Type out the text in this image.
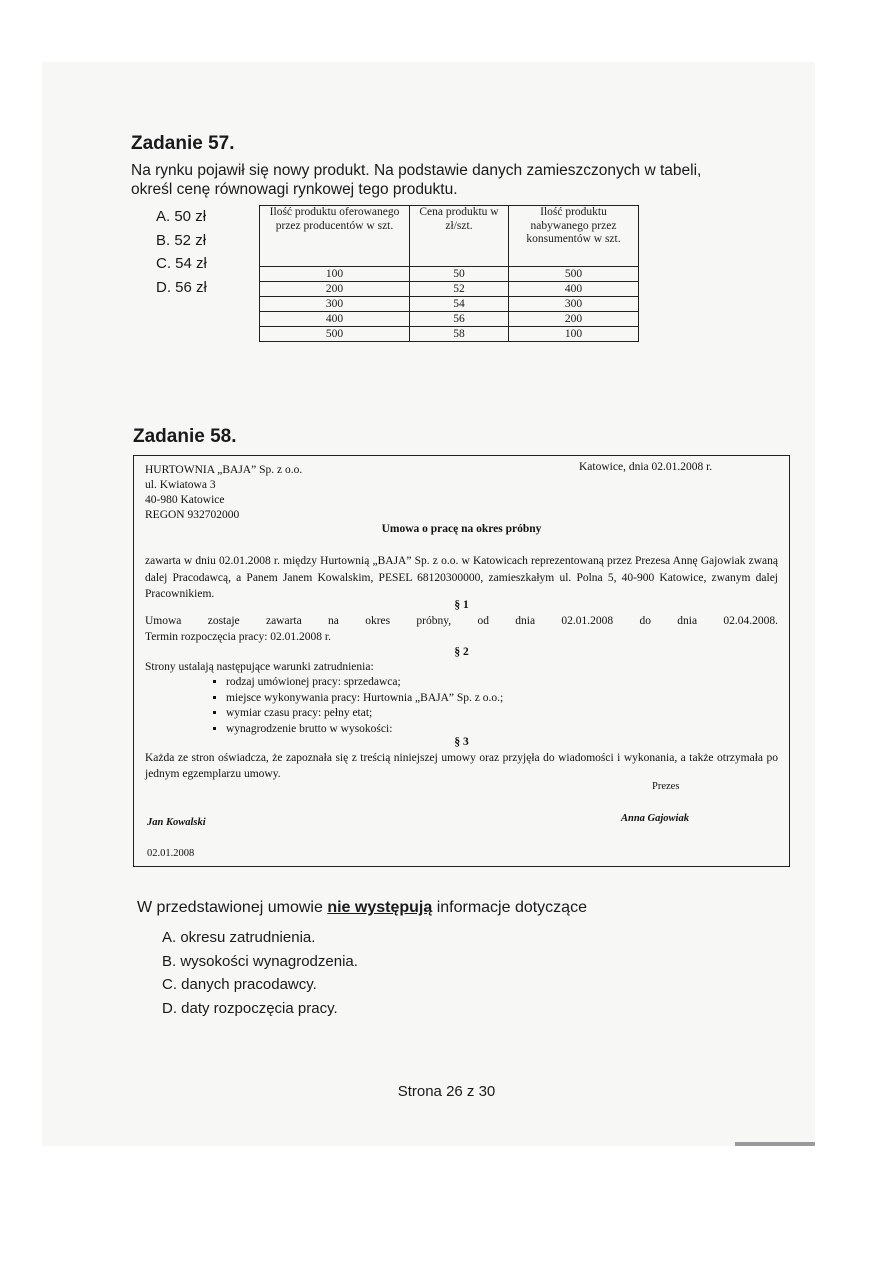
Zadanie 57.
Na rynku pojawił się nowy produkt. Na podstawie danych zamieszczonych w tabeli,
określ cenę równowagi rynkowej tego produktu.
A. 50 zł
B. 52 zł
C. 54 zł
D. 56 zł
Ilość produktu oferowanego przez producentów w szt.	Cena produktu w zł/szt.	Ilość produktu nabywanego przez konsumentów w szt.
100	50	500
200	52	400
300	54	300
400	56	200
500	58	100
Zadanie 58.
HURTOWNIA „BAJA” Sp. z o.o.
ul. Kwiatowa 3
40-980 Katowice
REGON 932702000
Katowice, dnia 02.01.2008 r.
Umowa o pracę na okres próbny
zawarta w dniu 02.01.2008 r. między Hurtownią „BAJA” Sp. z o.o. w Katowicach reprezentowaną przez Prezesa Annę Gajowiak zwaną dalej Pracodawcą, a Panem Janem Kowalskim, PESEL 68120300000, zamieszkałym ul. Polna 5, 40-900 Katowice, zwanym dalej Pracownikiem.
§ 1
Umowa zostaje zawarta na okres próbny, od dnia 02.01.2008 do dnia 02.04.2008.
Termin rozpoczęcia pracy: 02.01.2008 r.
§ 2
Strony ustalają następujące warunki zatrudnienia:
▪ rodzaj umówionej pracy: sprzedawca;
▪ miejsce wykonywania pracy: Hurtownia „BAJA” Sp. z o.o.;
▪ wymiar czasu pracy: pełny etat;
▪ wynagrodzenie brutto w wysokości:
§ 3
Każda ze stron oświadcza, że zapoznała się z treścią niniejszej umowy oraz przyjęła do wiadomości i wykonania, a także otrzymała po jednym egzemplarzu umowy.
Prezes
Jan Kowalski	Anna Gajowiak
02.01.2008
W przedstawionej umowie nie występują informacje dotyczące
A. okresu zatrudnienia.
B. wysokości wynagrodzenia.
C. danych pracodawcy.
D. daty rozpoczęcia pracy.
Strona 26 z 30
